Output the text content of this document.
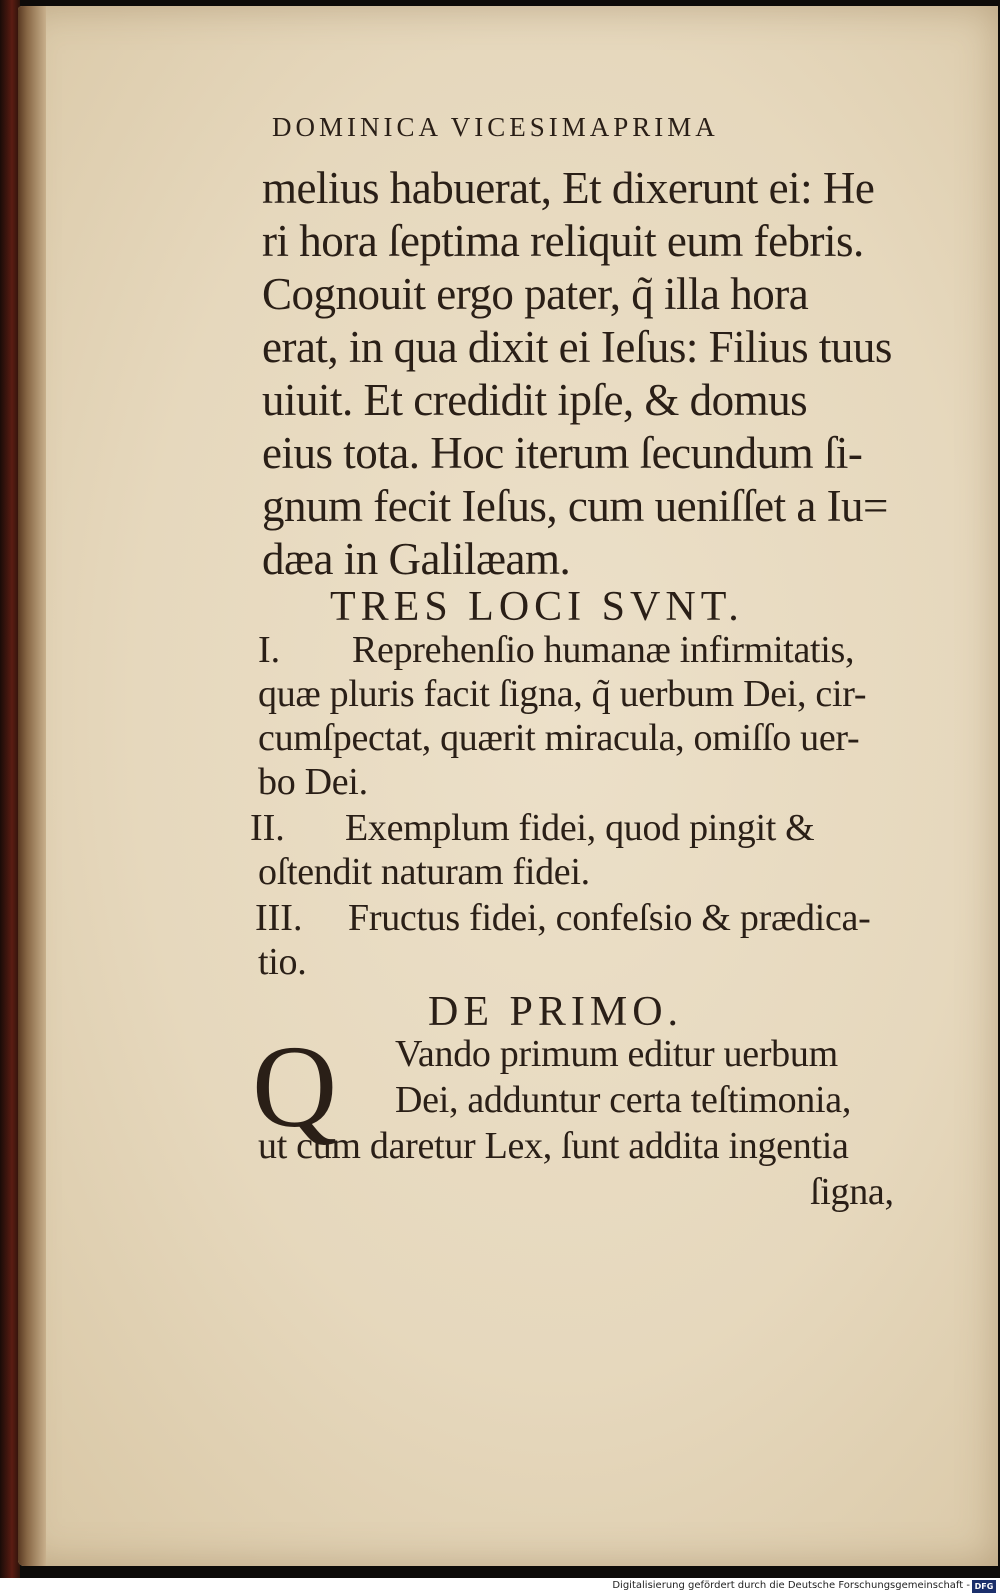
DOMINICA VICESIMAPRIMA
melius habuerat, Et dixerunt ei: He
ri hora ſeptima reliquit eum febris.
Cognouit ergo pater, q̃ illa hora
erat, in qua dixit ei Ieſus: Filius tuus
uiuit. Et credidit ipſe, & domus
eius tota. Hoc iterum ſecundum ſi-
gnum fecit Ieſus, cum ueniſſet a Iu=
dæa in Galilæam.
TRES LOCI SVNT.
I. Reprehenſio humanæ infirmitatis,
quæ pluris facit ſigna, q̃ uerbum Dei, cir-
cumſpectat, quærit miracula, omiſſo uer-
bo Dei.
II. Exemplum fidei, quod pingit &
oſtendit naturam fidei.
III. Fructus fidei, confeſsio & prædica-
tio.
DE PRIMO.
Q Vando primum editur uerbum
Dei, adduntur certa teſtimonia,
ut cum daretur Lex, ſunt addita ingentia
ſigna,
Digitalisierung gefördert durch die Deutsche Forschungsgemeinschaft - DFG
